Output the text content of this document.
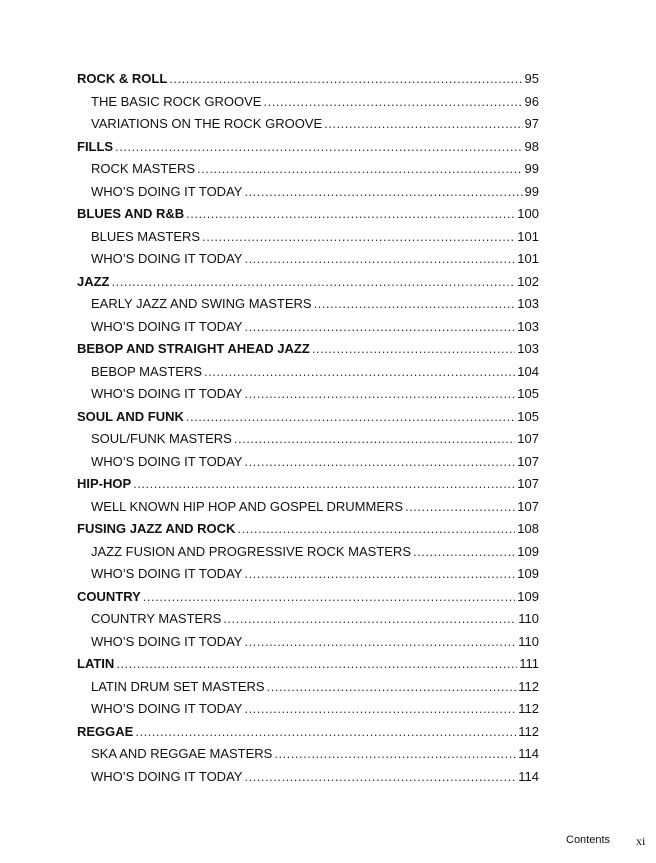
ROCK & ROLL .....	95
THE BASIC ROCK GROOVE .....	96
VARIATIONS ON THE ROCK GROOVE .....	97
FILLS .....	98
ROCK MASTERS .....	99
WHO’S DOING IT TODAY .....	99
BLUES AND R&B .....	100
BLUES MASTERS .....	101
WHO’S DOING IT TODAY .....	101
JAZZ .....	102
EARLY JAZZ AND SWING MASTERS .....	103
WHO’S DOING IT TODAY .....	103
BEBOP AND STRAIGHT AHEAD JAZZ .....	103
BEBOP MASTERS .....	104
WHO’S DOING IT TODAY .....	105
SOUL AND FUNK .....	105
SOUL/FUNK MASTERS .....	107
WHO’S DOING IT TODAY .....	107
HIP-HOP .....	107
WELL KNOWN HIP HOP AND GOSPEL DRUMMERS .....	107
FUSING JAZZ AND ROCK .....	108
JAZZ FUSION AND PROGRESSIVE ROCK MASTERS .....	109
WHO’S DOING IT TODAY .....	109
COUNTRY .....	109
COUNTRY MASTERS .....	110
WHO’S DOING IT TODAY .....	110
LATIN .....	111
LATIN DRUM SET MASTERS .....	112
WHO’S DOING IT TODAY .....	112
REGGAE .....	112
SKA AND REGGAE MASTERS .....	114
WHO’S DOING IT TODAY .....	114
Contents xi
